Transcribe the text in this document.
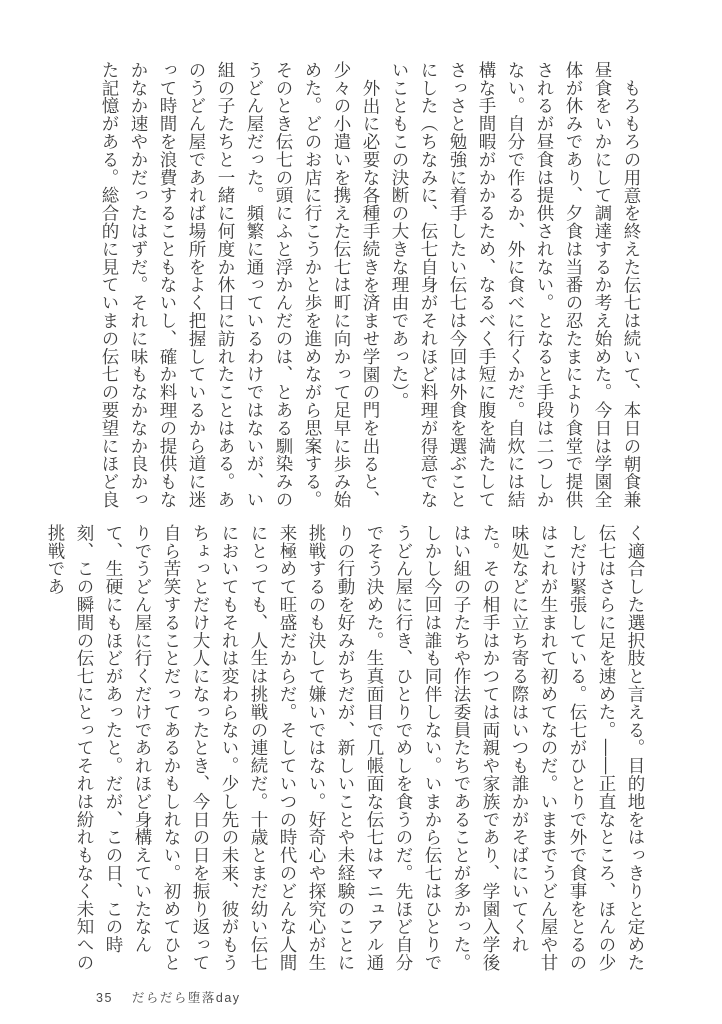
もろもろの用意を終えた伝七は続いて、本日の朝食兼昼食をいかにして調達するか考え始めた。今日は学園全体が休みであり、夕食は当番の忍たまにより食堂で提供されるが昼食は提供されない。となると手段は二つしかない。自分で作るか、外に食べに行くかだ。自炊には結構な手間暇がかかるため、なるべく手短に腹を満たしてさっさと勉強に着手したい伝七は今回は外食を選ぶことにした（ちなみに、伝七自身がそれほど料理が得意でないこともこの決断の大きな理由であった）。

外出に必要な各種手続きを済ませ学園の門を出ると、少々の小遣いを携えた伝七は町に向かって足早に歩み始めた。どのお店に行こうかと歩を進めながら思案する。そのとき伝七の頭にふと浮かんだのは、とある馴染みのうどん屋だった。頻繁に通っているわけではないが、い組の子たちと一緒に何度か休日に訪れたことはある。あのうどん屋であれば場所をよく把握しているから道に迷って時間を浪費することもないし、確か料理の提供もなかなか速やかだったはずだ。それに味もなかなか良かった記憶がある。総合的に見ていまの伝七の要望にほど良

く適合した選択肢と言える。目的地をはっきりと定めた伝七はさらに足を速めた。――正直なところ、ほんの少しだけ緊張している。伝七がひとりで外で食事をとるのはこれが生まれて初めてなのだ。いままでうどん屋や甘味処などに立ち寄る際はいつも誰かがそばにいてくれた。その相手はかつては両親や家族であり、学園入学後はい組の子たちや作法委員たちであることが多かった。しかし今回は誰も同伴しない。いまから伝七はひとりでうどん屋に行き、ひとりでめしを食うのだ。先ほど自分でそう決めた。生真面目で几帳面な伝七はマニュアル通りの行動を好みがちだが、新しいことや未経験のことに挑戦するのも決して嫌いではない。好奇心や探究心が生来極めて旺盛だからだ。そしていつの時代のどんな人間にとっても、人生は挑戦の連続だ。十歳とまだ幼い伝七においてもそれは変わらない。少し先の未来、彼がもうちょっとだけ大人になったとき、今日の日を振り返って自ら苦笑することだってあるかもしれない。初めてひとりでうどん屋に行くだけであれほど身構えていたなんて、生硬にもほどがあったと。だが、この日、この時刻、この瞬間の伝七にとってそれは紛れもなく未知への挑戦であ

35 だらだら堕落day
